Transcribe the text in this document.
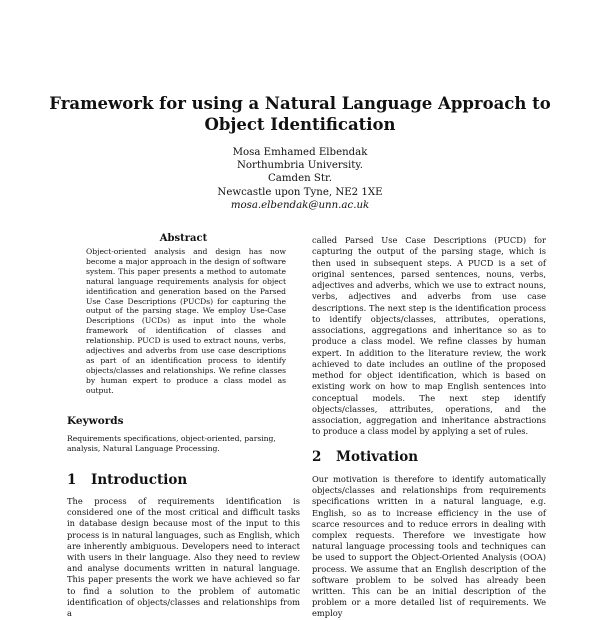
Framework for using a Natural Language Approach to
Object Identification
Mosa Emhamed Elbendak
Northumbria University.
Camden Str.
Newcastle upon Tyne, NE2 1XE
mosa.elbendak@unn.ac.uk
Abstract

Object-oriented analysis and design has now become a major approach in the design of software system. This paper presents a method to automate natural language requirements analysis for object identification and generation based on the Parsed Use Case Descriptions (PUCDs) for capturing the output of the parsing stage. We employ Use-Case Descriptions (UCDs) as input into the whole framework of identification of classes and relationship. PUCD is used to extract nouns, verbs, adjectives and adverbs from use case descriptions as part of an identification process to identify objects/classes and relationships. We refine classes by human expert to produce a class model as output.

Keywords

Requirements specifications, object-oriented, parsing, analysis, Natural Language Processing.

1 Introduction

The process of requirements identification is considered one of the most critical and difficult tasks in database design because most of the input to this process is in natural languages, such as English, which are inherently ambiguous. Developers need to interact with users in their language. Also they need to review and analyse documents written in natural language. This paper presents the work we have achieved so far to find a solution to the problem of automatic identification of objects/classes and relationships from a

called Parsed Use Case Descriptions (PUCD) for capturing the output of the parsing stage, which is then used in subsequent steps. A PUCD is a set of original sentences, parsed sentences, nouns, verbs, adjectives and adverbs, which we use to extract nouns, verbs, adjectives and adverbs from use case descriptions. The next step is the identification process to identify objects/classes, attributes, operations, associations, aggregations and inheritance so as to produce a class model. We refine classes by human expert. In addition to the literature review, the work achieved to date includes an outline of the proposed method for object identification, which is based on existing work on how to map English sentences into conceptual models. The next step identify objects/classes, attributes, operations, and the association, aggregation and inheritance abstractions to produce a class model by applying a set of rules.

2 Motivation

Our motivation is therefore to identify automatically objects/classes and relationships from requirements specifications written in a natural language, e.g. English, so as to increase efficiency in the use of scarce resources and to reduce errors in dealing with complex requests. Therefore we investigate how natural language processing tools and techniques can be used to support the Object-Oriented Analysis (OOA) process. We assume that an English description of the software problem to be solved has already been written. This can be an initial description of the problem or a more detailed list of requirements. We employ
